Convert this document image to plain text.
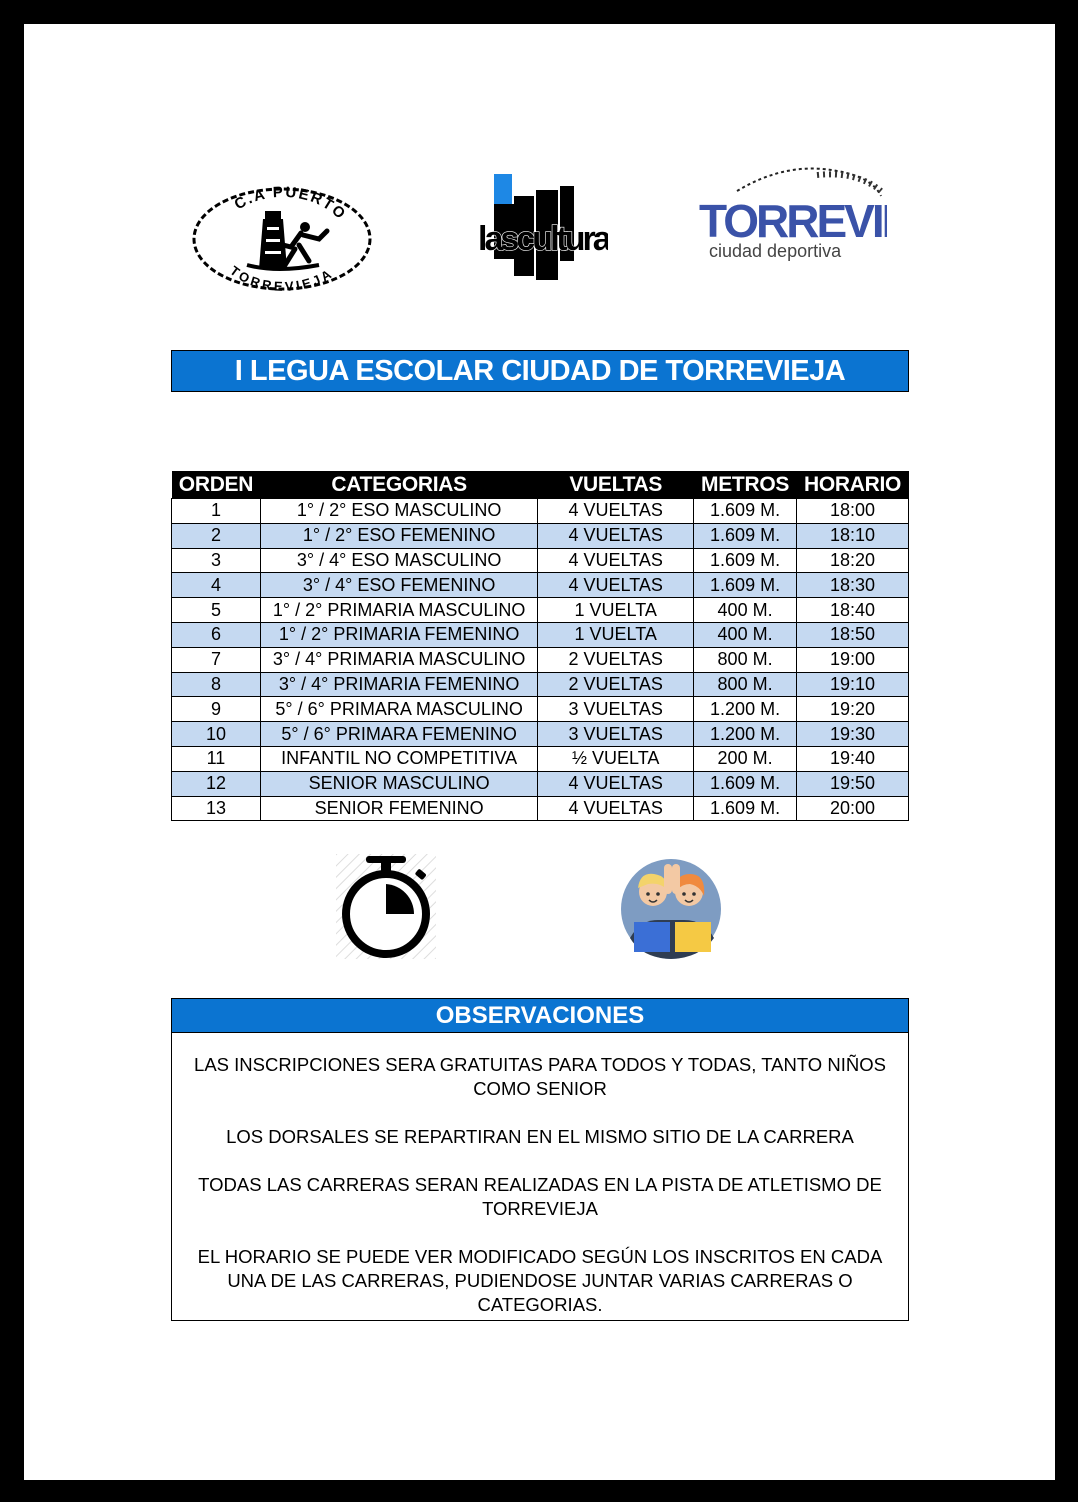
C.A PUERTO
TORREVIEJA
lascultura	TORREVI
ciudad deportiva
I LEGUA ESCOLAR CIUDAD DE TORREVIEJA
ORDEN	CATEGORIAS	VUELTAS	METROS	HORARIO
1	1° / 2° ESO MASCULINO	4 VUELTAS	1.609 M.	18:00
2	1° / 2° ESO FEMENINO	4 VUELTAS	1.609 M.	18:10
3	3° / 4° ESO MASCULINO	4 VUELTAS	1.609 M.	18:20
4	3° / 4° ESO FEMENINO	4 VUELTAS	1.609 M.	18:30
5	1° / 2° PRIMARIA MASCULINO	1 VUELTA	400 M.	18:40
6	1° / 2° PRIMARIA FEMENINO	1 VUELTA	400 M.	18:50
7	3° / 4° PRIMARIA MASCULINO	2 VUELTAS	800 M.	19:00
8	3° / 4° PRIMARIA FEMENINO	2 VUELTAS	800 M.	19:10
9	5° / 6° PRIMARA MASCULINO	3 VUELTAS	1.200 M.	19:20
10	5° / 6° PRIMARA FEMENINO	3 VUELTAS	1.200 M.	19:30
11	INFANTIL NO COMPETITIVA	½ VUELTA	200 M.	19:40
12	SENIOR MASCULINO	4 VUELTAS	1.609 M.	19:50
13	SENIOR FEMENINO	4 VUELTAS	1.609 M.	20:00
OBSERVACIONES
LAS INSCRIPCIONES SERA GRATUITAS PARA TODOS Y TODAS, TANTO NIÑOS COMO SENIOR
LOS DORSALES SE REPARTIRAN EN EL MISMO SITIO DE LA CARRERA
TODAS LAS CARRERAS SERAN REALIZADAS EN LA PISTA DE ATLETISMO DE TORREVIEJA
EL HORARIO SE PUEDE VER MODIFICADO SEGÚN LOS INSCRITOS EN CADA UNA DE LAS CARRERAS, PUDIENDOSE JUNTAR VARIAS CARRERAS O CATEGORIAS.
